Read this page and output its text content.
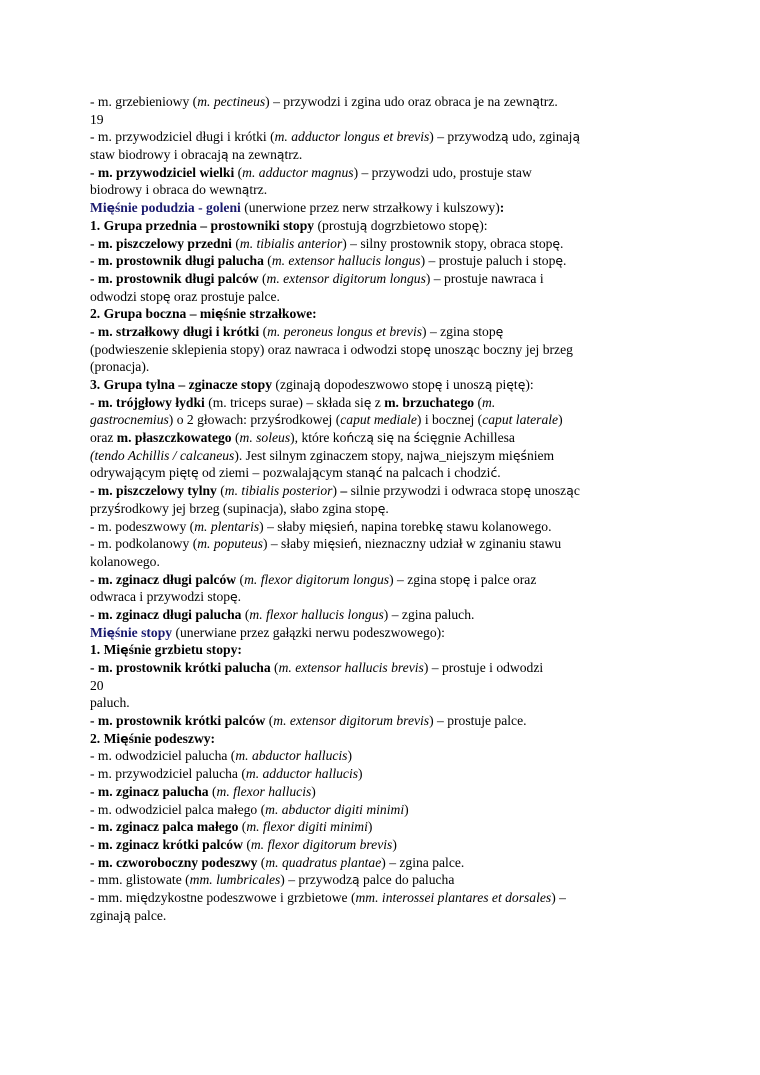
- m. grzebieniowy (m. pectineus) – przywodzi i zgina udo oraz obraca je na zewnątrz.
19
- m. przywodziciel długi i krótki (m. adductor longus et brevis) – przywodzą udo, zginają
staw biodrowy i obracają na zewnątrz.
- m. przywodziciel wielki (m. adductor magnus) – przywodzi udo, prostuje staw
biodrowy i obraca do wewnątrz.
Mięśnie podudzia - goleni (unerwione przez nerw strzałkowy i kulszowy):
1. Grupa przednia – prostowniki stopy (prostują dogrzbietowo stopę):
- m. piszczelowy przedni (m. tibialis anterior) – silny prostownik stopy, obraca stopę.
- m. prostownik długi palucha (m. extensor hallucis longus) – prostuje paluch i stopę.
- m. prostownik długi palców (m. extensor digitorum longus) – prostuje nawraca i
odwodzi stopę oraz prostuje palce.
2. Grupa boczna – mięśnie strzałkowe:
- m. strzałkowy długi i krótki (m. peroneus longus et brevis) – zgina stopę
(podwieszenie sklepienia stopy) oraz nawraca i odwodzi stopę unosząc boczny jej brzeg
(pronacja).
3. Grupa tylna – zginacze stopy (zginają dopodeszwowo stopę i unoszą piętę):
- m. trójgłowy łydki (m. triceps surae) – składa się z m. brzuchatego (m.
gastrocnemius) o 2 głowach: przyśrodkowej (caput mediale) i bocznej (caput laterale)
oraz m. płaszczkowatego (m. soleus), które kończą się na ścięgnie Achillesa
(tendo Achillis / calcaneus). Jest silnym zginaczem stopy, najwa_niejszym mięśniem
odrywającym piętę od ziemi – pozwalającym stanąć na palcach i chodzić.
- m. piszczelowy tylny (m. tibialis posterior) – silnie przywodzi i odwraca stopę unosząc
przyśrodkowy jej brzeg (supinacja), słabo zgina stopę.
- m. podeszwowy (m. plentaris) – słaby mięsień, napina torebkę stawu kolanowego.
- m. podkolanowy (m. poputeus) – słaby mięsień, nieznaczny udział w zginaniu stawu
kolanowego.
- m. zginacz długi palców (m. flexor digitorum longus) – zgina stopę i palce oraz
odwraca i przywodzi stopę.
- m. zginacz długi palucha (m. flexor hallucis longus) – zgina paluch.
Mięśnie stopy (unerwiane przez gałązki nerwu podeszwowego):
1. Mięśnie grzbietu stopy:
- m. prostownik krótki palucha (m. extensor hallucis brevis) – prostuje i odwodzi
20
paluch.
- m. prostownik krótki palców (m. extensor digitorum brevis) – prostuje palce.
2. Mięśnie podeszwy:
- m. odwodziciel palucha (m. abductor hallucis)
- m. przywodziciel palucha (m. adductor hallucis)
- m. zginacz palucha (m. flexor hallucis)
- m. odwodziciel palca małego (m. abductor digiti minimi)
- m. zginacz palca małego (m. flexor digiti minimi)
- m. zginacz krótki palców (m. flexor digitorum brevis)
- m. czworoboczny podeszwy (m. quadratus plantae) – zgina palce.
- mm. glistowate (mm. lumbricales) – przywodzą palce do palucha
- mm. międzykostne podeszwowe i grzbietowe (mm. interossei plantares et dorsales) –
zginają palce.
